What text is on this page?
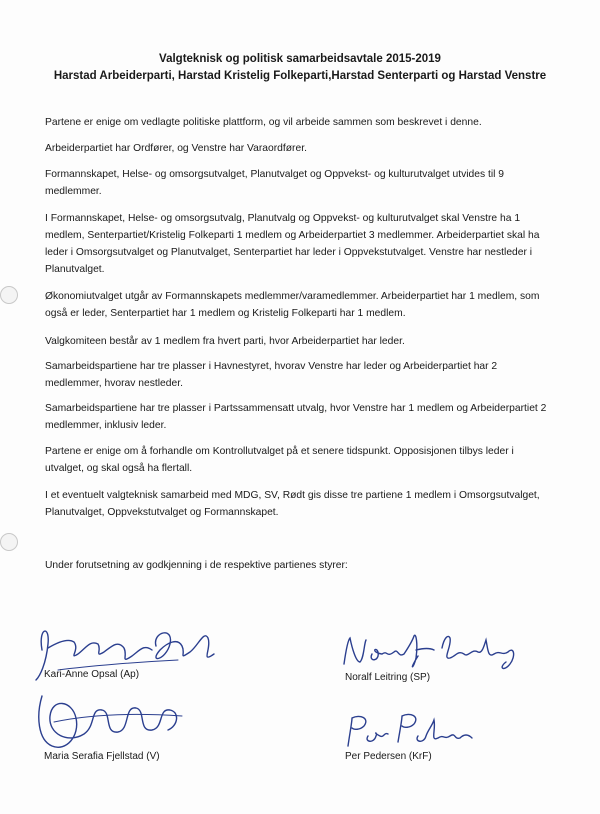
Valgteknisk og politisk samarbeidsavtale 2015-2019

Harstad Arbeiderparti, Harstad Kristelig Folkeparti,Harstad Senterparti og Harstad Venstre

Partene er enige om vedlagte politiske plattform, og vil arbeide sammen som beskrevet i denne.

Arbeiderpartiet har Ordfører, og Venstre har Varaordfører.

Formannskapet, Helse- og omsorgsutvalget, Planutvalget og Oppvekst- og kulturutvalget utvides til 9 medlemmer.

I Formannskapet, Helse- og omsorgsutvalg, Planutvalg og Oppvekst- og kulturutvalget skal Venstre ha 1 medlem, Senterpartiet/Kristelig Folkeparti 1 medlem og Arbeiderpartiet 3 medlemmer. Arbeiderpartiet skal ha leder i Omsorgsutvalget og Planutvalget, Senterpartiet har leder i Oppvekstutvalget. Venstre har nestleder i Planutvalget.

Økonomiutvalget utgår av Formannskapets medlemmer/varamedlemmer. Arbeiderpartiet har 1 medlem, som også er leder, Senterpartiet har 1 medlem og Kristelig Folkeparti har 1 medlem.

Valgkomiteen består av 1 medlem fra hvert parti, hvor Arbeiderpartiet har leder.

Samarbeidspartiene har tre plasser i Havnestyret, hvorav Venstre har leder og Arbeiderpartiet har 2 medlemmer, hvorav nestleder.

Samarbeidspartiene har tre plasser i Partssammensatt utvalg, hvor Venstre har 1 medlem og Arbeiderpartiet 2 medlemmer, inklusiv leder.

Partene er enige om å forhandle om Kontrollutvalget på et senere tidspunkt. Opposisjonen tilbys leder i utvalget, og skal også ha flertall.

I et eventuelt valgteknisk samarbeid med MDG, SV, Rødt gis disse tre partiene 1 medlem i Omsorgsutvalget, Planutvalget, Oppvekstutvalget og Formannskapet.

Under forutsetning av godkjenning i de respektive partienes styrer:

Kari-Anne Opsal (Ap)	Noralf Leitring (SP)

Maria Serafia Fjellstad (V)	Per Pedersen (KrF)
